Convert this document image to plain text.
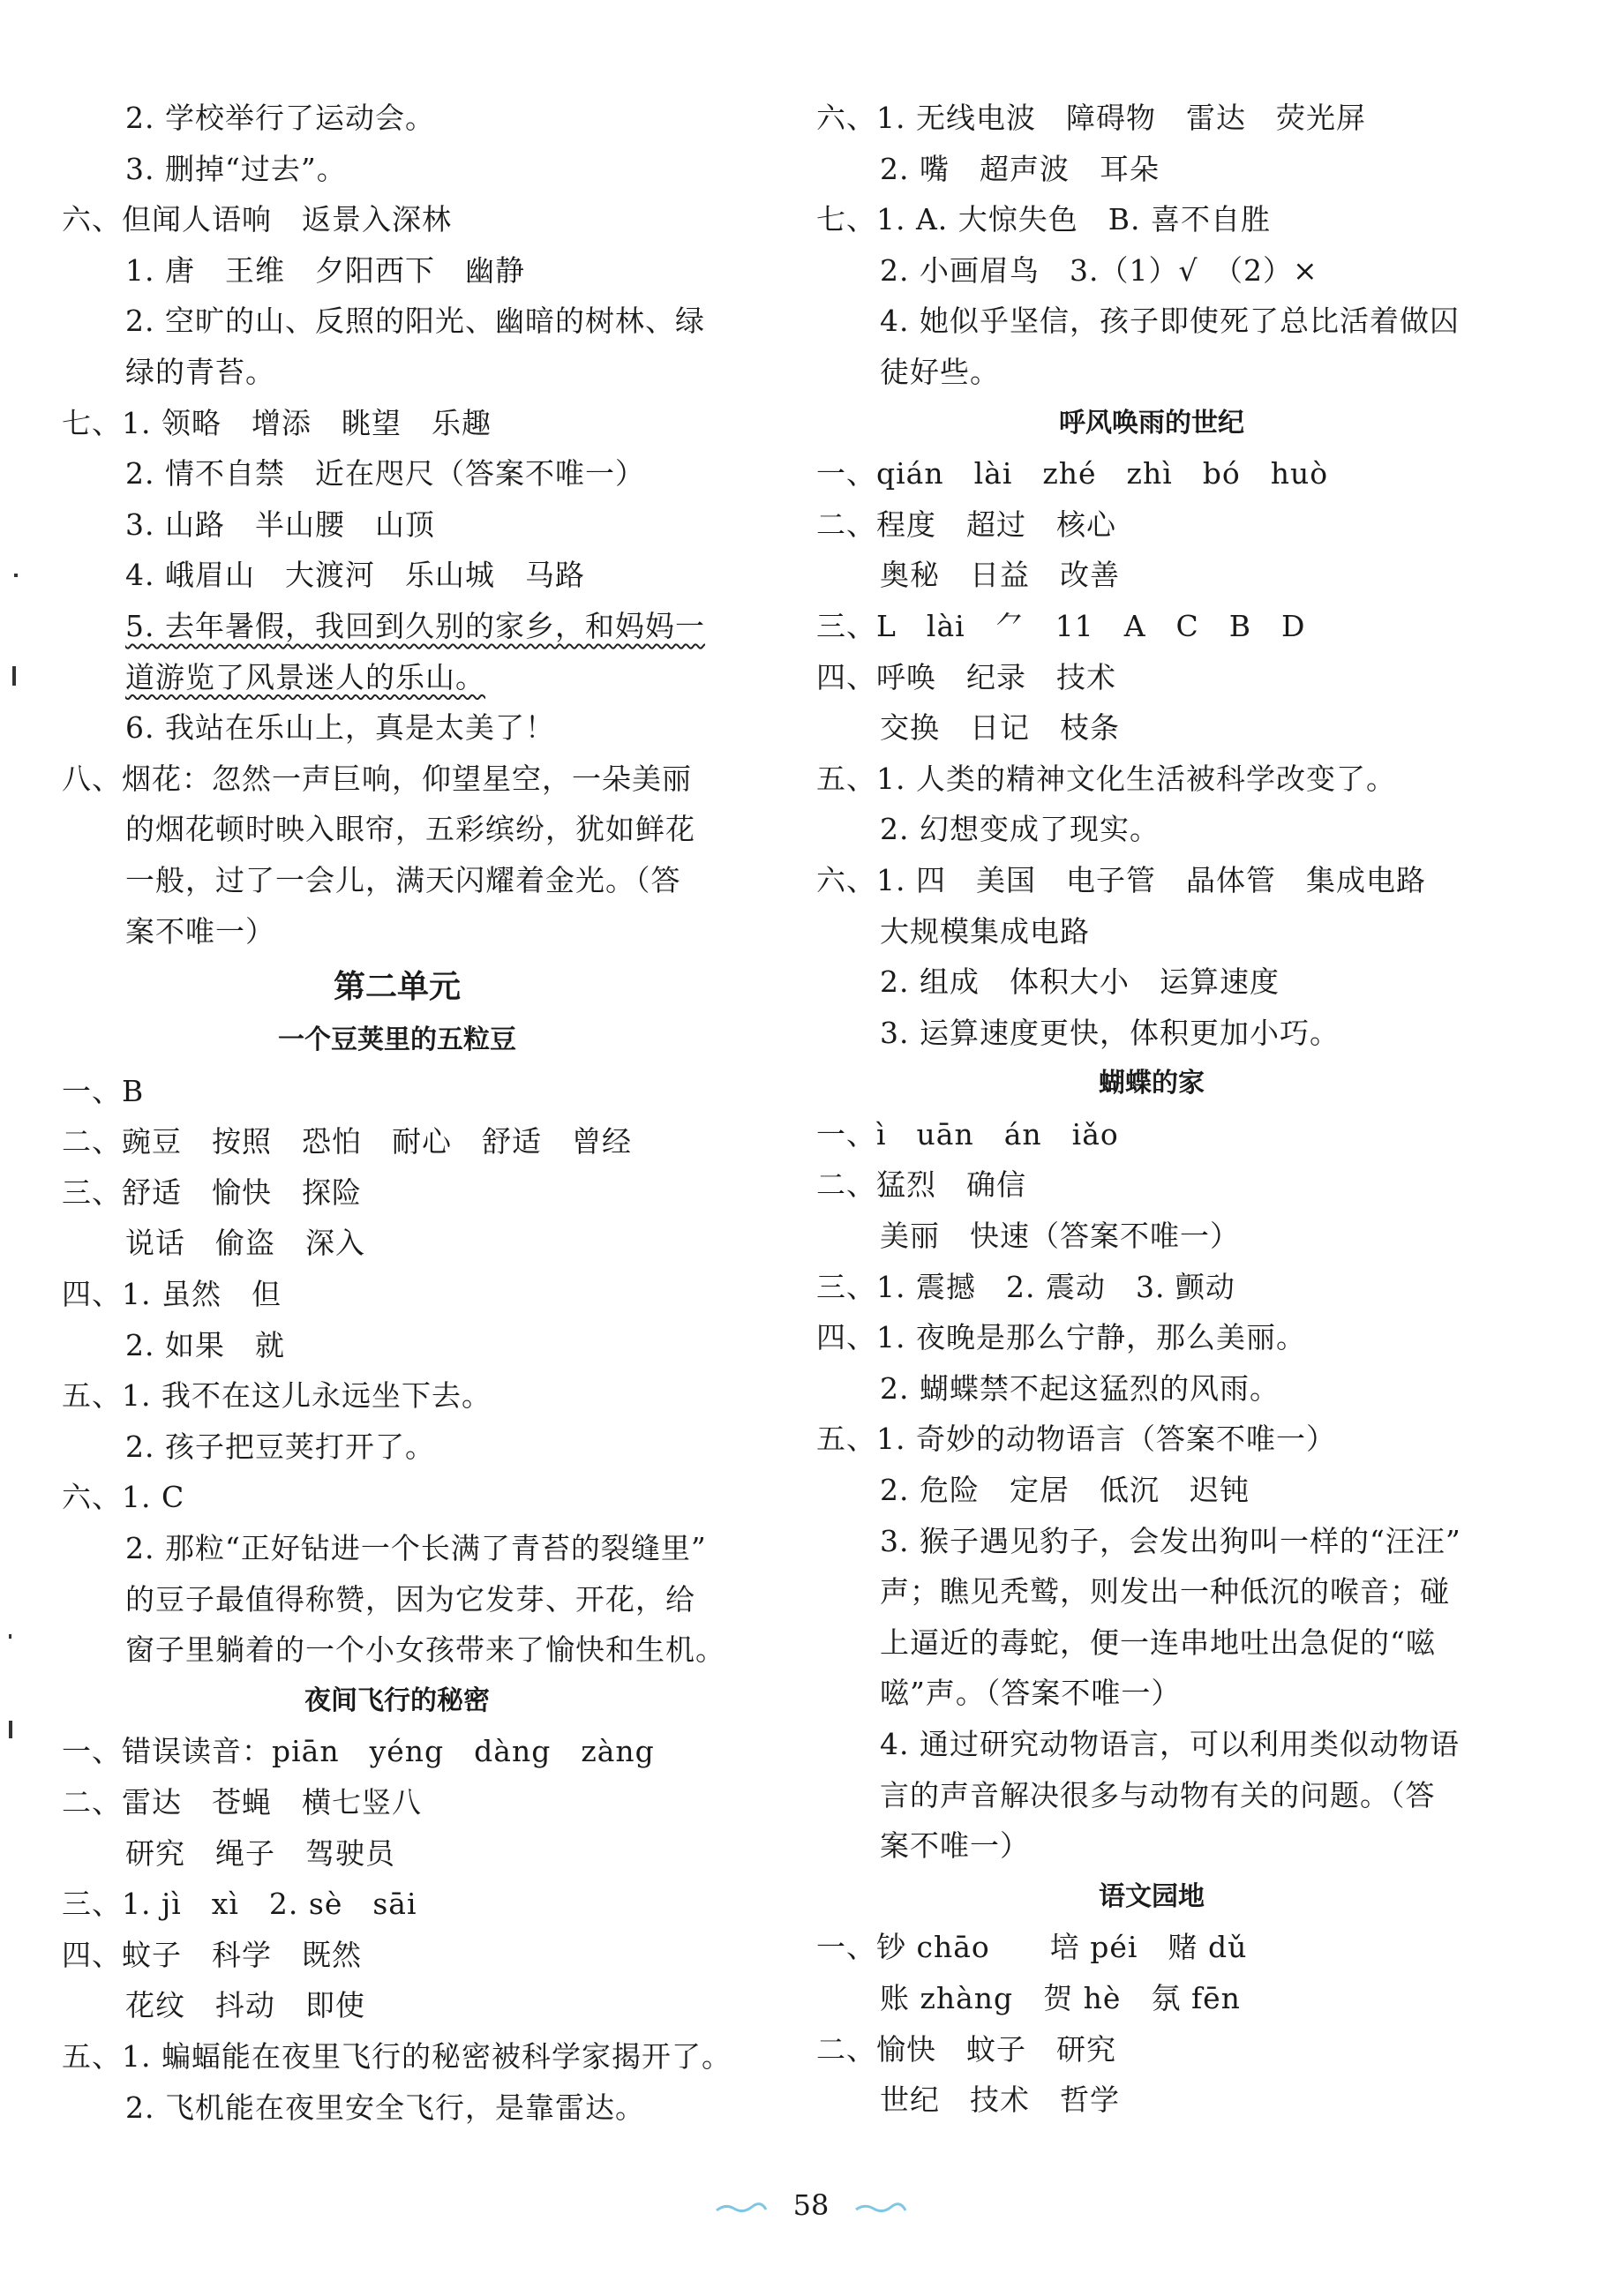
2. 学校举行了运动会。
3. 删掉“过去”。
六、但闻人语响　返景入深林
1. 唐　王维　夕阳西下　幽静
2. 空旷的山、反照的阳光、幽暗的树林、绿
绿的青苔。
七、1. 领略　增添　眺望　乐趣
2. 情不自禁　近在咫尺（答案不唯一）
3. 山路　半山腰　山顶
4. 峨眉山　大渡河　乐山城　马路
5. 去年暑假，我回到久别的家乡，和妈妈一
道游览了风景迷人的乐山。
6. 我站在乐山上，真是太美了！
八、烟花：忽然一声巨响，仰望星空，一朵美丽
的烟花顿时映入眼帘，五彩缤纷，犹如鲜花
一般，过了一会儿，满天闪耀着金光。（答
案不唯一）
第二单元
一个豆荚里的五粒豆
一、B
二、豌豆　按照　恐怕　耐心　舒适　曾经
三、舒适　愉快　探险
说话　偷盗　深入
四、1. 虽然　但
2. 如果　就
五、1. 我不在这儿永远坐下去。
2. 孩子把豆荚打开了。
六、1. C
2. 那粒“正好钻进一个长满了青苔的裂缝里”
的豆子最值得称赞，因为它发芽、开花，给
窗子里躺着的一个小女孩带来了愉快和生机。
夜间飞行的秘密
一、错误读音：piān　yéng　dàng　zàng
二、雷达　苍蝇　横七竖八
研究　绳子　驾驶员
三、1. jì　xì　2. sè　sāi
四、蚊子　科学　既然
花纹　抖动　即使
五、1. 蝙蝠能在夜里飞行的秘密被科学家揭开了。
2. 飞机能在夜里安全飞行，是靠雷达。
六、1. 无线电波　障碍物　雷达　荧光屏
2. 嘴　超声波　耳朵
七、1. A. 大惊失色　B. 喜不自胜
2. 小画眉鸟　3.（1）√　（2）×
4. 她似乎坚信，孩子即使死了总比活着做囚
徒好些。
呼风唤雨的世纪
一、qián　lài　zhé　zhì　bó　huò
二、程度　超过　核心
奥秘　日益　改善
三、L　lài　⺈　11　A　C　B　D
四、呼唤　纪录　技术
交换　日记　枝条
五、1. 人类的精神文化生活被科学改变了。
2. 幻想变成了现实。
六、1. 四　美国　电子管　晶体管　集成电路
大规模集成电路
2. 组成　体积大小　运算速度
3. 运算速度更快，体积更加小巧。
蝴蝶的家
一、ì　uān　án　iǎo
二、猛烈　确信
美丽　快速（答案不唯一）
三、1. 震撼　2. 震动　3. 颤动
四、1. 夜晚是那么宁静，那么美丽。
2. 蝴蝶禁不起这猛烈的风雨。
五、1. 奇妙的动物语言（答案不唯一）
2. 危险　定居　低沉　迟钝
3. 猴子遇见豹子，会发出狗叫一样的“汪汪”
声；瞧见秃鹫，则发出一种低沉的喉音；碰
上逼近的毒蛇，便一连串地吐出急促的“嗞
嗞”声。（答案不唯一）
4. 通过研究动物语言，可以利用类似动物语
言的声音解决很多与动物有关的问题。（答
案不唯一）
语文园地
一、钞 chāo　　培 péi　赌 dǔ
账 zhàng　贺 hè　氛 fēn
二、愉快　蚊子　研究
世纪　技术　哲学
58
